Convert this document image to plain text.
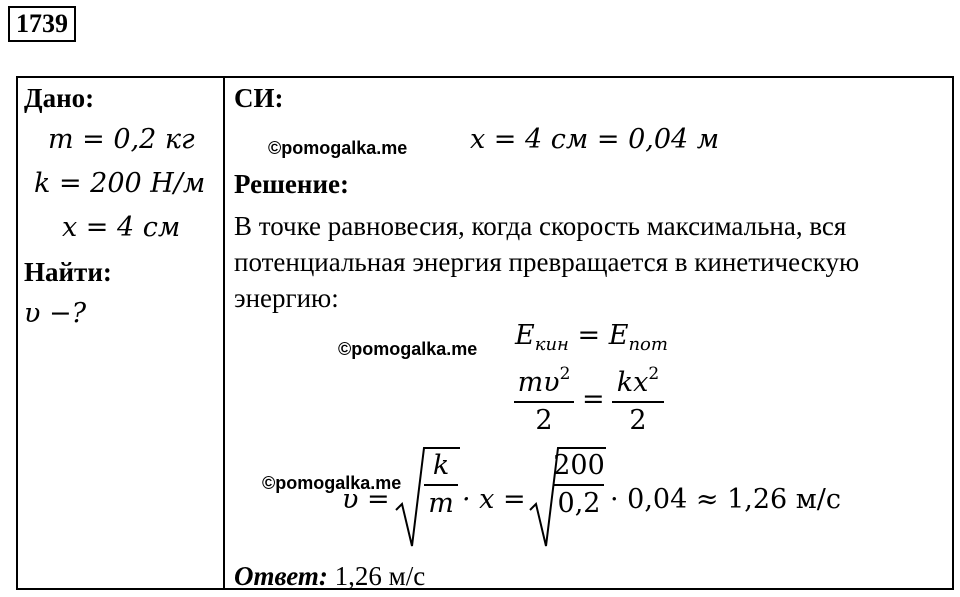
1739
Дано:
m = 0,2 кг
k = 200 Н/м
x = 4 см
Найти:
υ −?
СИ:
©pomogalka.me x = 4 см = 0,04 м
Решение:
В точке равновесия, когда скорость максимальна, вся
потенциальная энергия превращается в кинетическую
энергию:
©pomogalka.me $E_{кин} = E_{пот}$
$m\upsilon^2$
2
=
$kx^2$
2
©pomogalka.me
υ =
k
m · x =
200
0,2 · 0,04 ≈ 1,26 м/с
Ответ: 1,26 м/с
